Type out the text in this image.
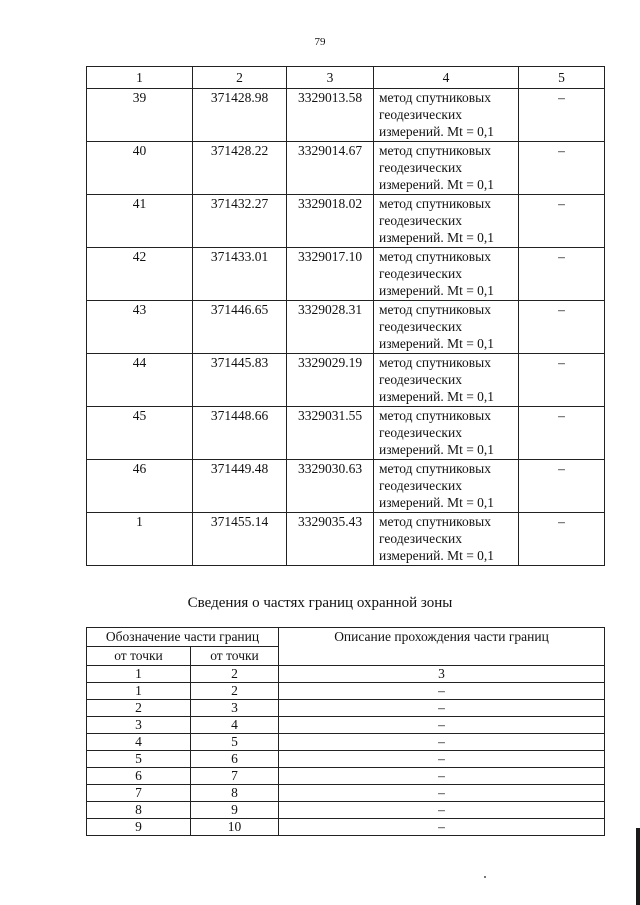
79
1	2	3	4	5
39	371428.98	3329013.58	метод спутниковых
геодезических
измерений. Mt = 0,1	–
40	371428.22	3329014.67	метод спутниковых
геодезических
измерений. Mt = 0,1	–
41	371432.27	3329018.02	метод спутниковых
геодезических
измерений. Mt = 0,1	–
42	371433.01	3329017.10	метод спутниковых
геодезических
измерений. Mt = 0,1	–
43	371446.65	3329028.31	метод спутниковых
геодезических
измерений. Mt = 0,1	–
44	371445.83	3329029.19	метод спутниковых
геодезических
измерений. Mt = 0,1	–
45	371448.66	3329031.55	метод спутниковых
геодезических
измерений. Mt = 0,1	–
46	371449.48	3329030.63	метод спутниковых
геодезических
измерений. Mt = 0,1	–
1	371455.14	3329035.43	метод спутниковых
геодезических
измерений. Mt = 0,1	–
Сведения о частях границ охранной зоны
Обозначение части границ		Описание прохождения части границ
от точки	от точки	
1	2	3
1	2	–
2	3	–
3	4	–
4	5	–
5	6	–
6	7	–
7	8	–
8	9	–
9	10	–
